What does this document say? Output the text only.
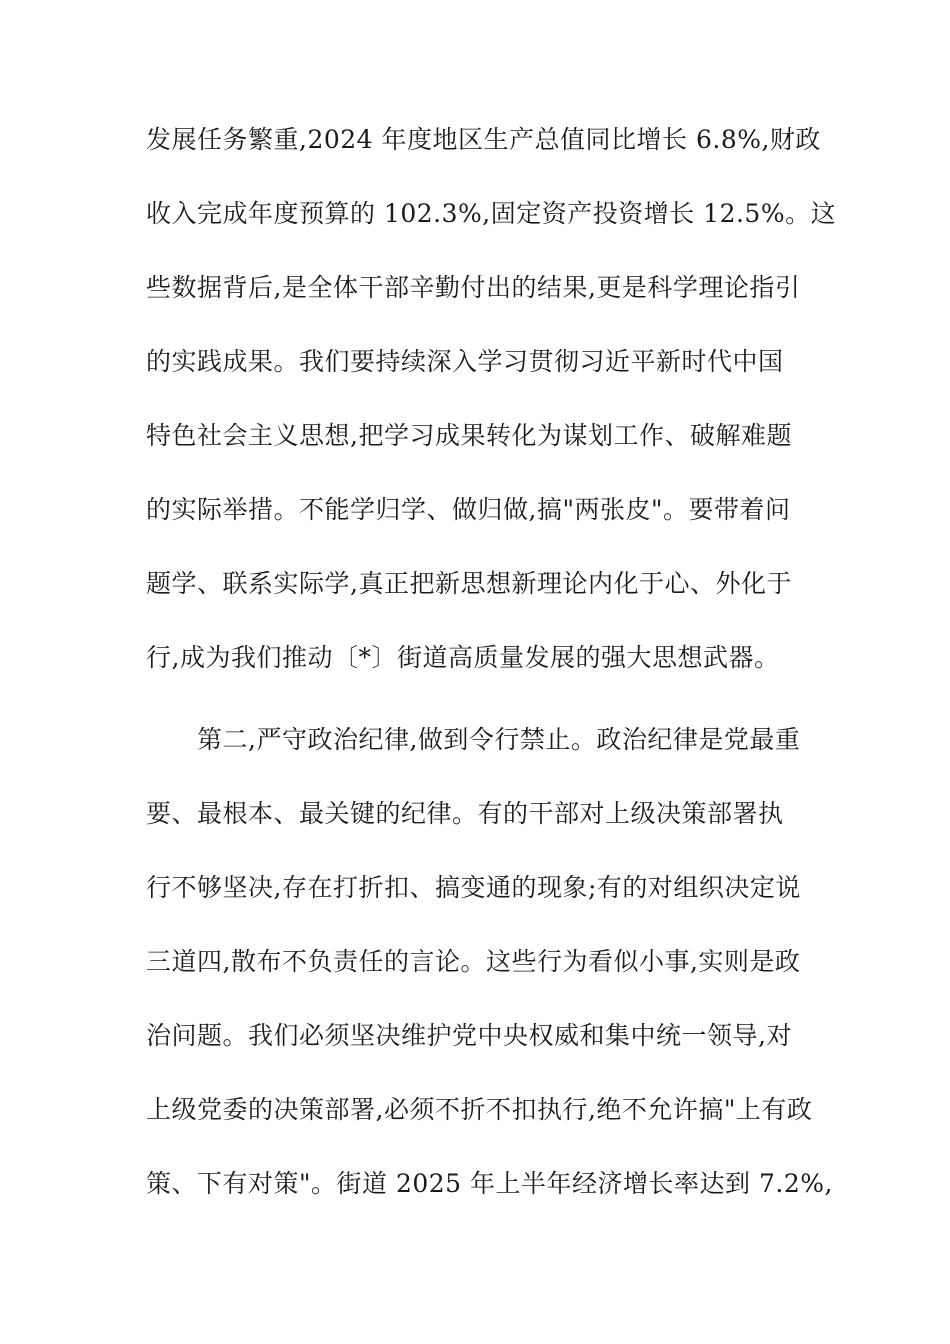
发展任务繁重,2024 年度地区生产总值同比增长 6.8%,财政
收入完成年度预算的 102.3%,固定资产投资增长 12.5%。这
些数据背后,是全体干部辛勤付出的结果,更是科学理论指引
的实践成果。我们要持续深入学习贯彻习近平新时代中国
特色社会主义思想,把学习成果转化为谋划工作、破解难题
的实际举措。不能学归学、做归做,搞"两张皮"。要带着问
题学、联系实际学,真正把新思想新理论内化于心、外化于
行,成为我们推动〔*〕街道高质量发展的强大思想武器。
　　第二,严守政治纪律,做到令行禁止。政治纪律是党最重
要、最根本、最关键的纪律。有的干部对上级决策部署执
行不够坚决,存在打折扣、搞变通的现象;有的对组织决定说
三道四,散布不负责任的言论。这些行为看似小事,实则是政
治问题。我们必须坚决维护党中央权威和集中统一领导,对
上级党委的决策部署,必须不折不扣执行,绝不允许搞"上有政
策、下有对策"。街道 2025 年上半年经济增长率达到 7.2%,
